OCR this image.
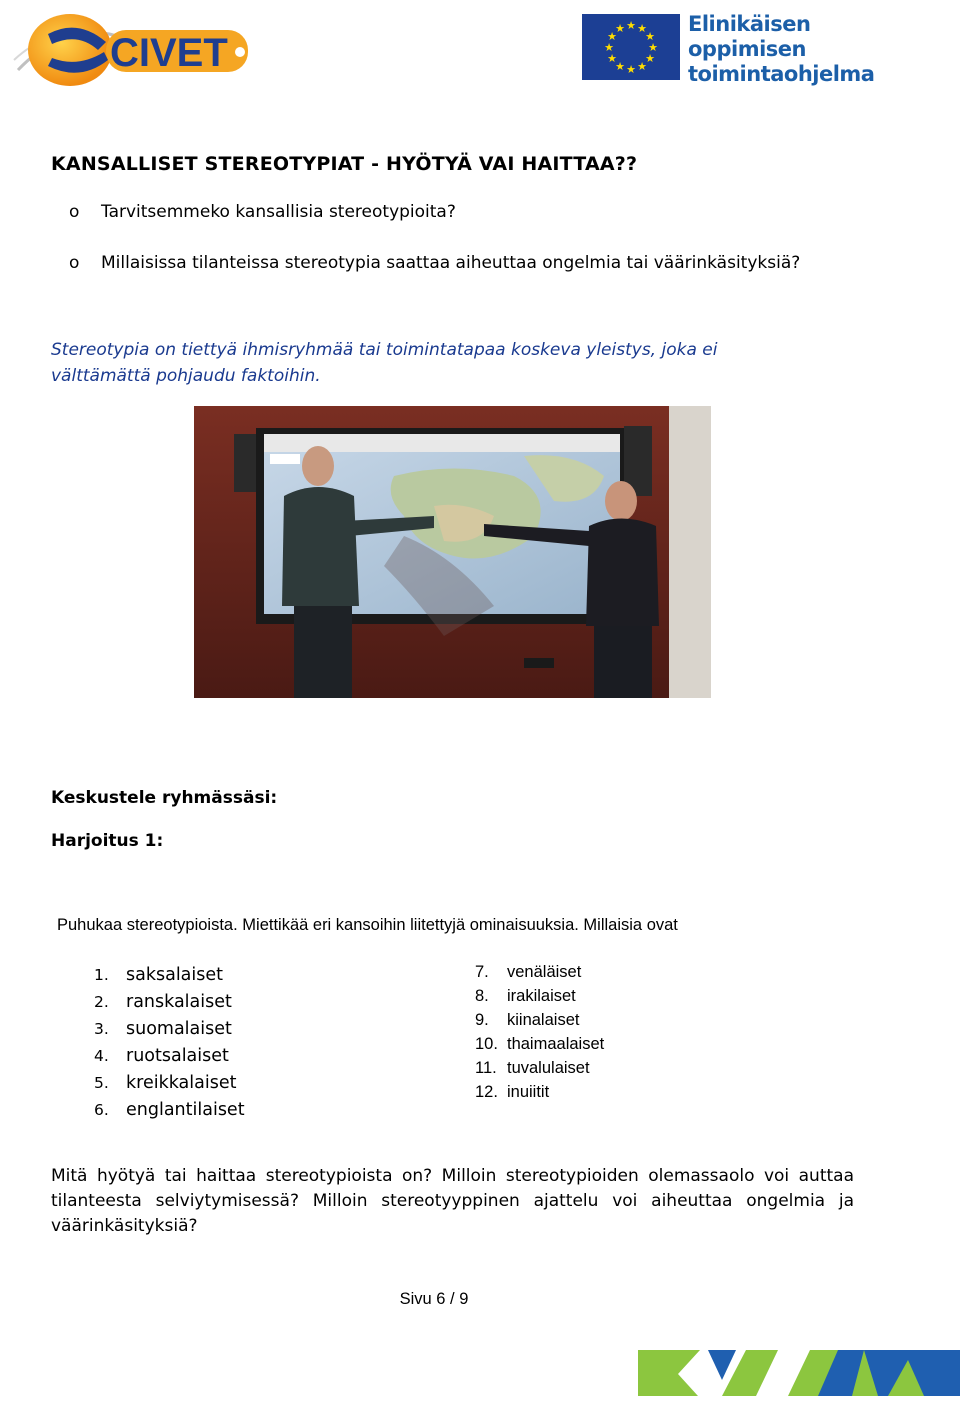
CIVET
★ ★
★
★
★
★
★
★
★
★
★
★	Elinikäisen
oppimisen
toimintaohjelma
KANSALLISET STEREOTYPIAT - HYÖTYÄ VAI HAITTAA??
o Tarvitsemmeko kansallisia stereotypioita?
o Millaisissa tilanteissa stereotypia saattaa aiheuttaa ongelmia tai väärinkäsityksiä?
Stereotypia on tiettyä ihmisryhmää tai toimintatapaa koskeva yleistys, joka ei välttämättä pohjaudu faktoihin.
Keskustele ryhmässäsi:
Harjoitus 1:
Puhukaa stereotypioista. Miettikää eri kansoihin liitettyjä ominaisuuksia. Millaisia ovat
1. saksalaiset
2. ranskalaiset
3. suomalaiset
4. ruotsalaiset
5. kreikkalaiset
6. englantilaiset
7.	venäläiset
8.	irakilaiset
9.	kiinalaiset
10. thaimaalaiset
11. tuvalulaiset
12. inuiitit
Mitä hyötyä tai haittaa stereotypioista on? Milloin stereotypioiden olemassaolo voi auttaa tilanteesta selviytymisessä? Milloin stereotyyppinen ajattelu voi aiheuttaa ongelmia ja väärinkäsityksiä?
Sivu 6 / 9
